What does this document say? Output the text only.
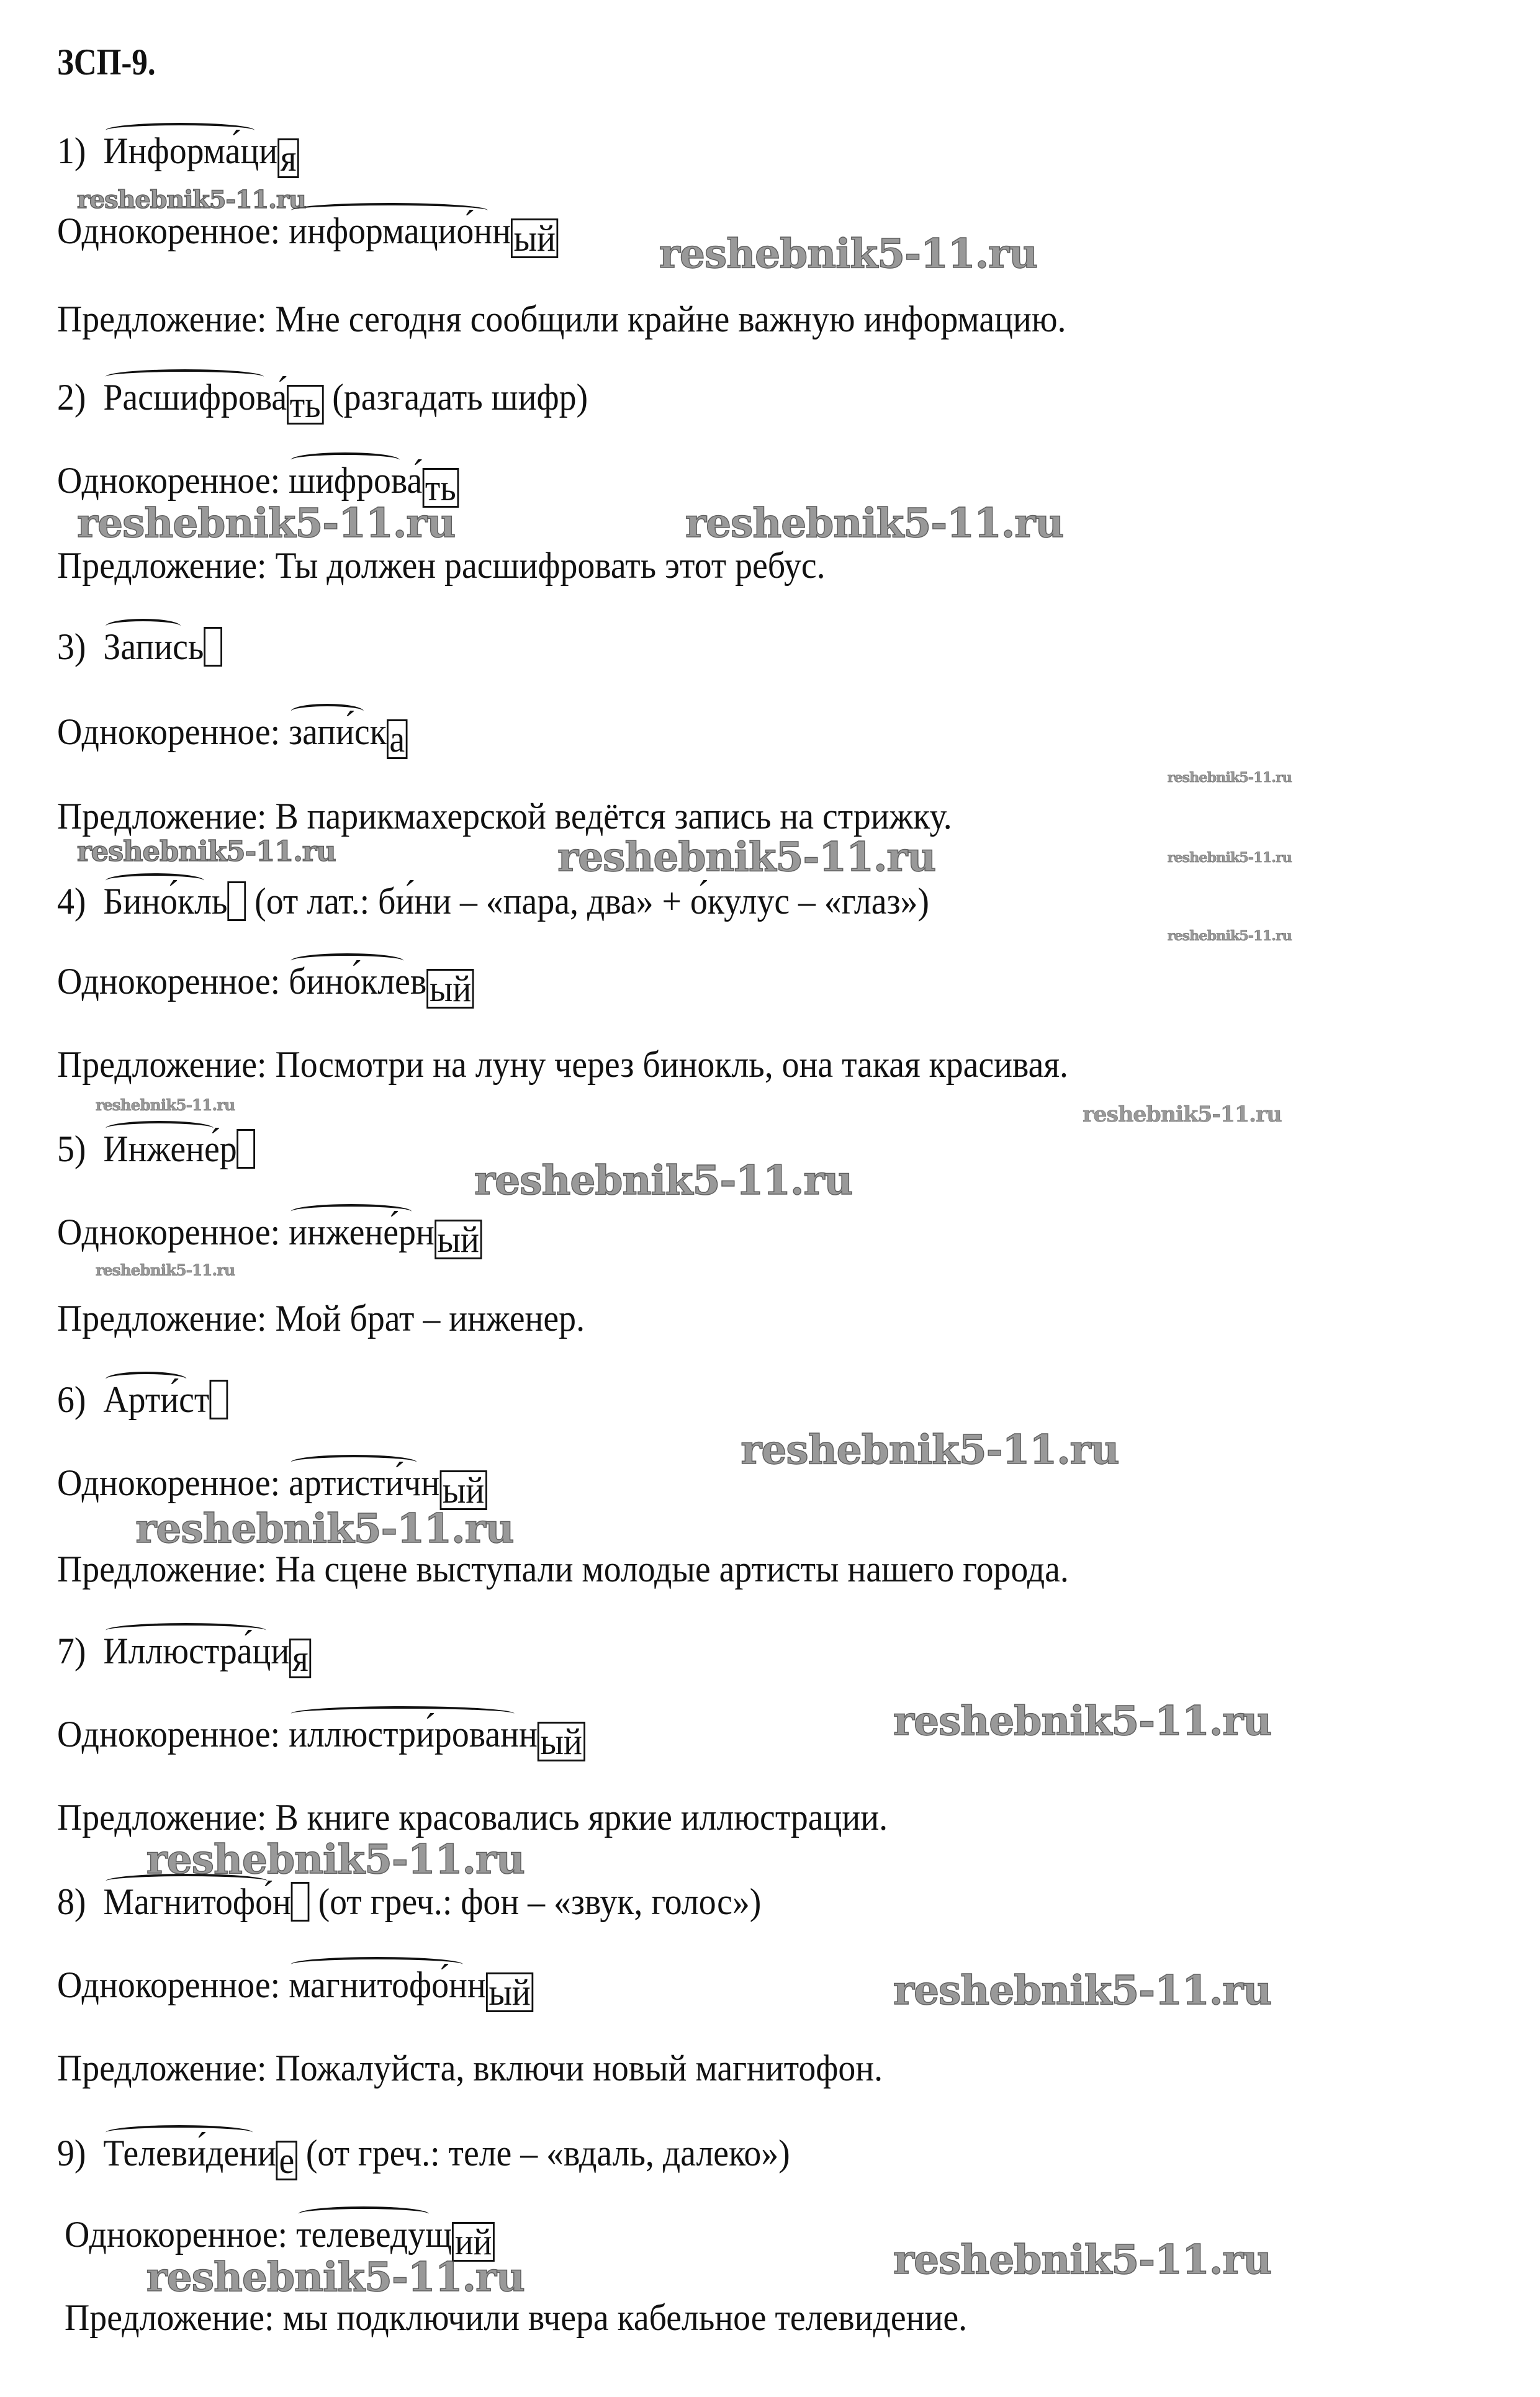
ЗСП-9.
1) Информа́ция
Однокоренное: информацио́нный
Предложение: Мне сегодня сообщили крайне важную информацию.
2) Расшифрова́ть (разгадать шифр)
Однокоренное: шифрова́ть
Предложение: Ты должен расшифровать этот ребус.
3) Запись
Однокоренное: запи́ска
Предложение: В парикмахерской ведётся запись на стрижку.
4) Бино́кль (от лат.: би́ни – «пара, два» + о́кулус – «глаз»)
Однокоренное: бино́клевый
Предложение: Посмотри на луну через бинокль, она такая красивая.
5) Инжене́р
Однокоренное: инжене́рный
Предложение: Мой брат – инженер.
6) Арти́ст
Однокоренное: артисти́чный
Предложение: На сцене выступали молодые артисты нашего города.
7) Иллюстра́ция
Однокоренное: иллюстри́рованный
Предложение: В книге красовались яркие иллюстрации.
8) Магнитофо́н (от греч.: фон – «звук, голос»)
Однокоренное: магнитофо́нный
Предложение: Пожалуйста, включи новый магнитофон.
9) Телеви́дение (от греч.: теле – «вдаль, далеко»)
Однокоренное: телеведущий
Предложение: мы подключили вчера кабельное телевидение.
reshebnik5-11.ru
reshebnik5-11.ru
reshebnik5-11.ru	reshebnik5-11.ru
reshebnik5-11.ru
reshebnik5-11.ru	reshebnik5-11.ru	reshebnik5-11.ru
reshebnik5-11.ru
reshebnik5-11.ru	reshebnik5-11.ru
reshebnik5-11.ru
reshebnik5-11.ru
reshebnik5-11.ru
reshebnik5-11.ru
reshebnik5-11.ru
reshebnik5-11.ru
reshebnik5-11.ru
reshebnik5-11.ru
reshebnik5-11.ru
